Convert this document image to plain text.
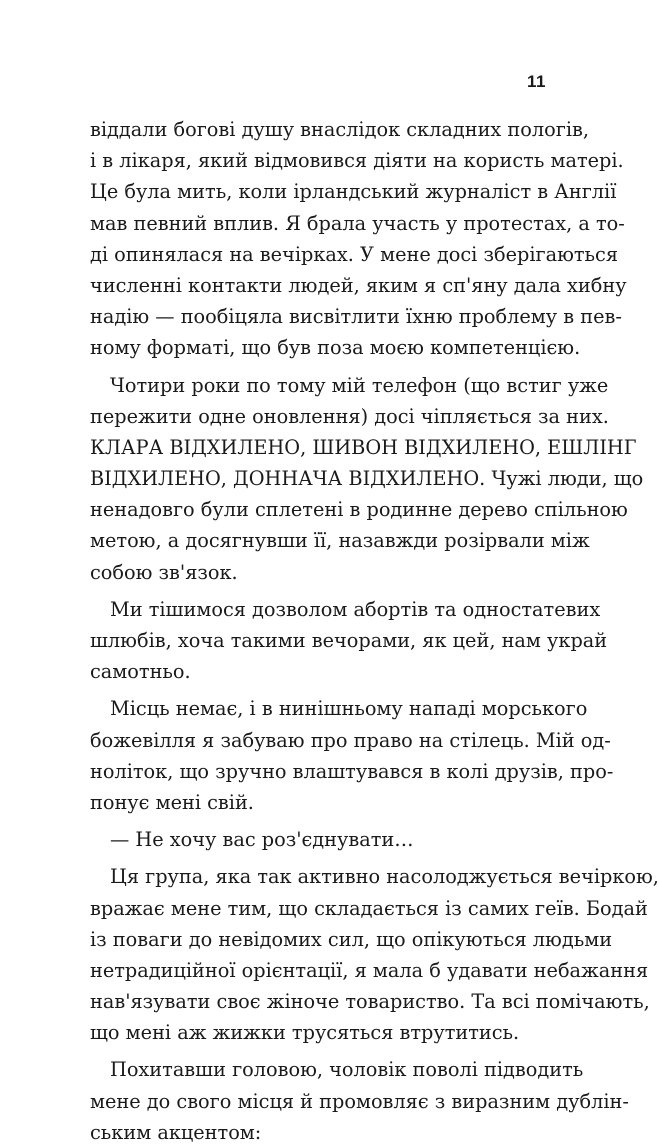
11
віддали богові душу внаслідок складних пологів,
і в лікаря, який відмовився діяти на користь матері.
Це була мить, коли ірландський журналіст в Англії
мав певний вплив. Я брала участь у протестах, а то-
ді опинялася на вечірках. У мене досі зберігаються
численні контакти людей, яким я сп'яну дала хибну
надію — пообіцяла висвітлити їхню проблему в пев-
ному форматі, що був поза моєю компетенцією.
Чотири роки по тому мій телефон (що встиг уже
пережити одне оновлення) досі чіпляється за них.
КЛАРА ВІДХИЛЕНО, ШИВОН ВІДХИЛЕНО, ЕШЛІНГ
ВІДХИЛЕНО, ДОННАЧА ВІДХИЛЕНО. Чужі люди, що
ненадовго були сплетені в родинне дерево спільною
метою, а досягнувши її, назавжди розірвали між
собою зв'язок.
Ми тішимося дозволом абортів та одностатевих
шлюбів, хоча такими вечорами, як цей, нам украй
самотньо.
Місць немає, і в нинішньому нападі морського
божевілля я забуваю про право на стілець. Мій од-
ноліток, що зручно влаштувався в колі друзів, про-
понує мені свій.
— Не хочу вас роз'єднувати…
Ця група, яка так активно насолоджується вечіркою,
вражає мене тим, що складається із самих геїв. Бодай
із поваги до невідомих сил, що опікуються людьми
нетрадиційної орієнтації, я мала б удавати небажання
нав'язувати своє жіноче товариство. Та всі помічають,
що мені аж жижки трусяться втрутитись.
Похитавши головою, чоловік поволі підводить
мене до свого місця й промовляє з виразним дублін-
ським акцентом:
